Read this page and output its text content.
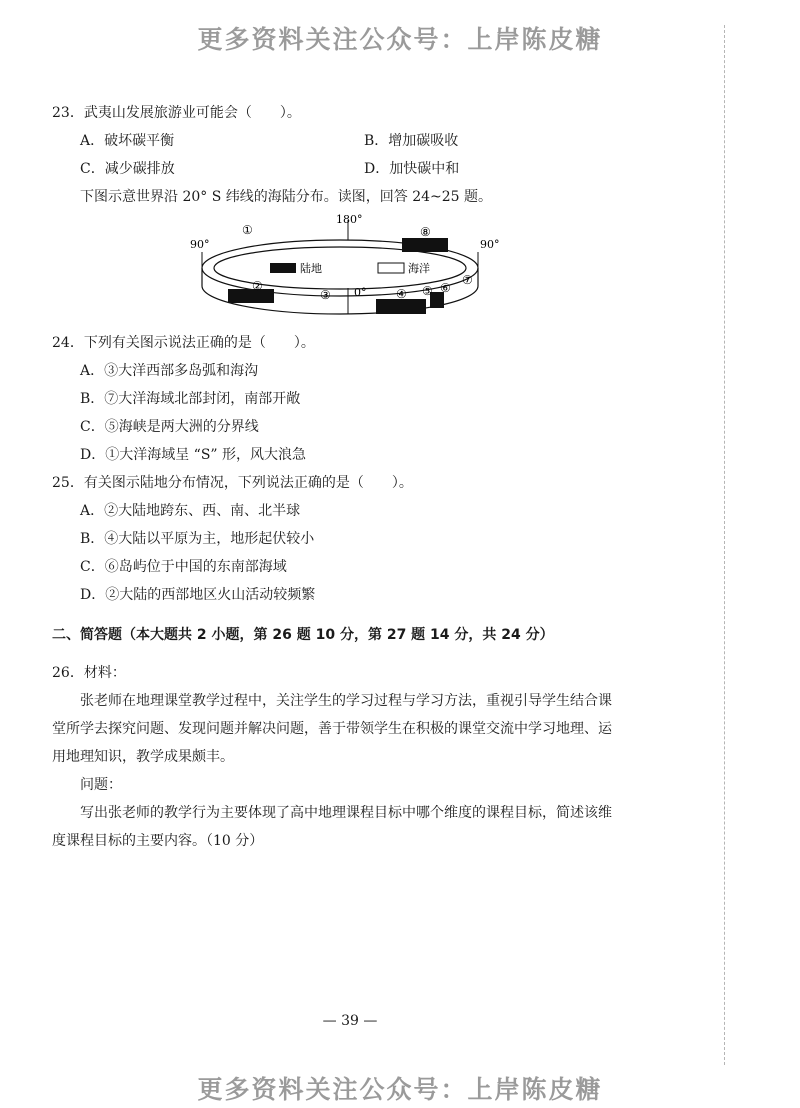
更多资料关注公众号：上岸陈皮糖
23．武夷山发展旅游业可能会（　　）。
A．破坏碳平衡	B．增加碳吸收
C．减少碳排放	D．加快碳中和
下图示意世界沿 20° S 纬线的海陆分布。读图，回答 24~25 题。
180°
陆地	海洋
90°	90°
0°
①	⑧
②
③	④ ⑤ ⑥
⑦
24．下列有关图示说法正确的是（　　）。
A．③大洋西部多岛弧和海沟
B．⑦大洋海域北部封闭，南部开敞
C．⑤海峡是两大洲的分界线
D．①大洋海域呈 “S” 形，风大浪急
25．有关图示陆地分布情况，下列说法正确的是（　　）。
A．②大陆地跨东、西、南、北半球
B．④大陆以平原为主，地形起伏较小
C．⑥岛屿位于中国的东南部海域
D．②大陆的西部地区火山活动较频繁
二、简答题（本大题共 2 小题，第 26 题 10 分，第 27 题 14 分，共 24 分）
26．材料：
张老师在地理课堂教学过程中，关注学生的学习过程与学习方法，重视引导学生结合课
堂所学去探究问题、发现问题并解决问题，善于带领学生在积极的课堂交流中学习地理、运
用地理知识，教学成果颇丰。
问题：
写出张老师的教学行为主要体现了高中地理课程目标中哪个维度的课程目标，简述该维
度课程目标的主要内容。（10 分）
— 39 —
更多资料关注公众号：上岸陈皮糖
